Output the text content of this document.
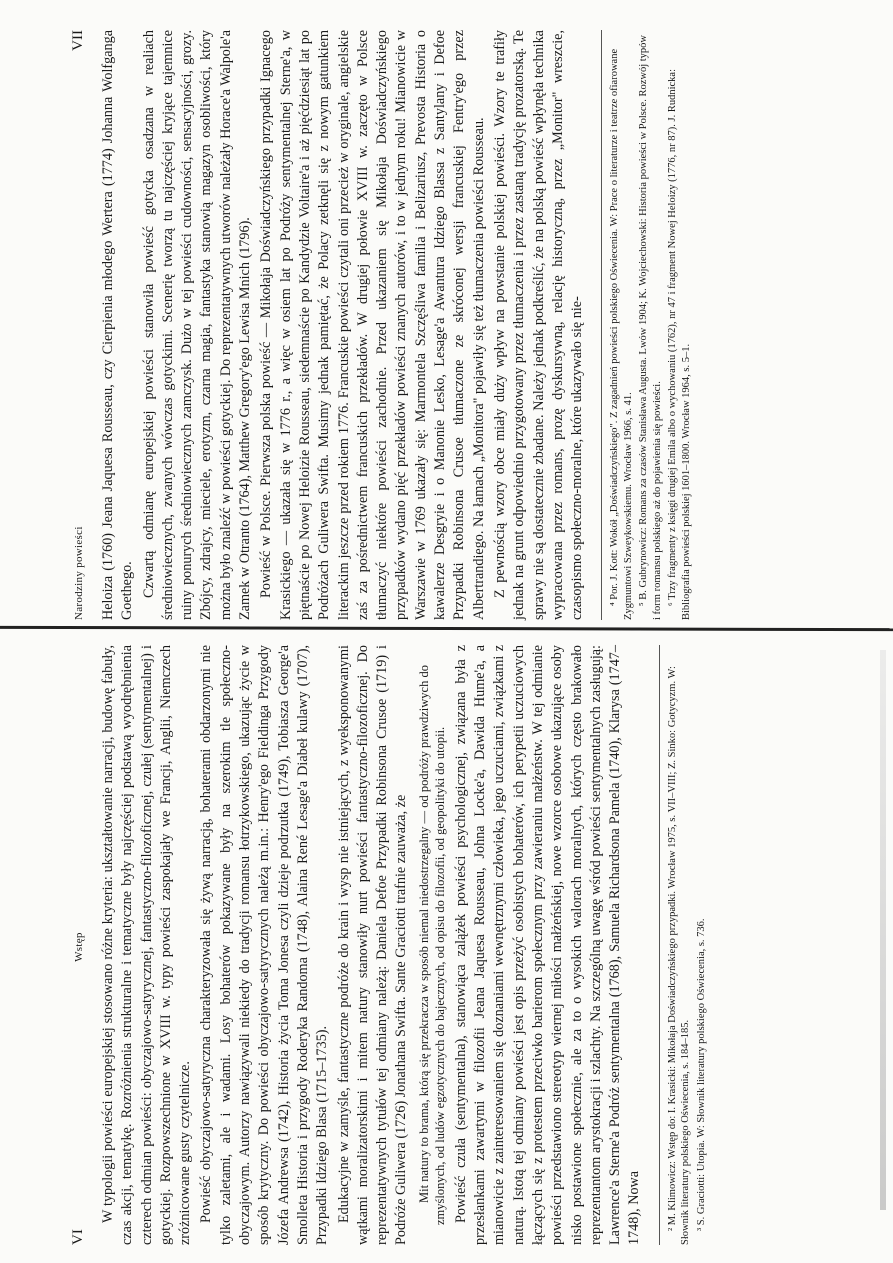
Narodziny powieści
VII Heloiza (1760) Jeana Jaquesa Rousseau, czy Cierpienia młodego Wertera (1774) Johanna Wolfganga Goethego. Czwartą odmianę europejskiej powieści stanowiła powieść gotycka osadzana w realiach średniowiecznych, zwanych wówczas gotyckimi. Scenerię tworzą tu najczęściej kryjące tajemnice ruiny ponurych średniowiecznych zamczysk. Dużo w tej powieści cudowności, sensacyjności, grozy. Zbójcy, zdrajcy, mieciele, erotyzm, czarna magia, fantastyka stanowią magazyn osobliwości, który można było znaleźć w powieści gotyckiej. Do reprezentatywnych utworów należały Horace'a Walpole'a Zamek w Otranto (1764), Matthew Gregory'ego Lewisa Mnich (1796). Powieść w Polsce. Pierwsza polska powieść — Mikołaja Doświadczyńskiego przypadki Ignacego Krasickiego — ukazała się w 1776 r., a więc w osiem lat po Podróży sentymentalnej Sterne'a, w piętnaście po Nowej Heloizie Rousseau, siedemnaście po Kandydzie Voltaire'a i aż pięćdziesiąt lat po Podróżach Guliwera Swifta. Musimy jednak pamiętać, że Polacy zetknęli się z nowym gatunkiem literackim jeszcze przed rokiem 1776. Francuskie powieści czytali oni przecież w oryginale, angielskie zaś za pośrednictwem francuskich przekładów. W drugiej połowie XVIII w. zaczęto w Polsce tłumaczyć niektóre powieści zachodnie. Przed ukazaniem się Mikołaja Doświadczyńskiego przypadków wydano pięć przekładów powieści znanych autorów, i to w jednym roku! Mianowicie w Warszawie w 1769 ukazały się: Marmontela Szczęśliwa familia i Belizariusz, Prevosta Historia o kawalerze Desgryie i o Manonie Lesko, Lesage'a Awantura Idziego Blassa z Santylany i Defoe Przypadki Robinsona Crusoe tłumaczone ze skróconej wersji francuskiej Fentry'ego przez Albertrandiego. Na łamach „Monitora" pojawiły się też tłumaczenia powieści Rousseau. Z pewnością wzory obce miały duży wpływ na powstanie polskiej powieści. Wzory te trafiły jednak na grunt odpowiednio przygotowany przez tłumaczenia i przez zastaną tradycję prozatorską. Te sprawy nie są dostatecznie zbadane. Należy jednak podkreślić, że na polską powieść wpłynęła technika wypracowana przez romans, prozę dyskursywną, relację historyczną, przez „Monitor" wreszcie, czasopismo społeczno-moralne, które ukazywało się nie- ⁴ Por. J. Kott: Wokół „Doświadczyńskiego". Z zagadnień powieści polskiego Oświecenia. W: Prace o literaturze i teatrze ofiarowane Zygmuntowi Szweykowskiemu. Wrocław 1966, s. 41. ⁵ B. Gubrynowicz: Romans za czasów Stanisława Augusta. Lwów 1904; K. Wojciechowski: Historia powieści w Polsce. Rozwój typów i form romansu polskiego aż do pojawienia się powieści. ⁶ Trzy fragmenty z księgi drugiej Emila albo o wychowaniu (1762), nr 47 i fragment Nowej Heloizy (1776, nr 87). J. Rudnicka: Bibliografia powieści polskiej 1601–1800. Wrocław 1964, s. 5–1.

VI
Wstęp W typologii powieści europejskiej stosowano różne kryteria: ukształtowanie narracji, budowę fabuły, czas akcji, tematykę. Rozróżnienia strukturalne i tematyczne były najczęściej podstawą wyodrębnienia czterech odmian powieści: obyczajowo-satyrycznej, fantastyczno-filozoficznej, czułej (sentymentalnej) i gotyckiej. Rozpowszechnione w XVIII w. typy powieści zaspokajały we Francji, Anglii, Niemczech zróżnicowane gusty czytelnicze. Powieść obyczajowo-satyryczna charakteryzowała się żywą narracją, bohaterami obdarzonymi nie tylko zaletami, ale i wadami. Losy bohaterów pokazywane były na szerokim tle społeczno-obyczajowym. Autorzy nawiązywali niekiedy do tradycji romansu łotrzykowskiego, ukazując życie w sposób krytyczny. Do powieści obyczajowo-satyrycznych należą m.in.: Henry'ego Fieldinga Przygody Józefa Andrewsa (1742), Historia życia Toma Jonesa czyli dzieje podrzutka (1749), Tobiasza George'a Smolleta Historia i przygody Roderyka Randoma (1748), Alaina René Lesage'a Diabeł kulawy (1707), Przypadki Idziego Blasa (1715–1735). Edukacyjne w zamyśle, fantastyczne podróże do krain i wysp nie istniejących, z wyeksponowanymi wątkami moralizatorskimi i mitem natury stanowiły nurt powieści fantastyczno-filozoficznej. Do reprezentatywnych tytułów tej odmiany należą: Daniela Defoe Przypadki Robinsona Crusoe (1719) i Podróże Guliwera (1726) Jonathana Swifta. Sante Graciotti trafnie zauważa, że Mit natury to brama, którą się przekracza w sposób niemal niedostrzegalny — od podróży prawdziwych do zmyślonych, od ludów egzotycznych do bajecznych, od opisu do filozofii, od geopolityki do utopii. Powieść czuła (sentymentalna), stanowiąca zalążek powieści psychologicznej, związana była z przesłankami zawartymi w filozofii Jeana Jaquesa Rousseau, Johna Locke'a, Dawida Hume'a, a mianowicie z zainteresowaniem się doznaniami wewnętrznymi człowieka, jego uczuciami, związkami z naturą. Istotą tej odmiany powieści jest opis przeżyć osobistych bohaterów, ich perypetii uczuciowych łączących się z protestem przeciwko barierom społecznym przy zawieraniu małżeństw. W tej odmianie powieści przedstawiono stereotyp wiernej miłości małżeńskiej, nowe wzorce osobowe ukazujące osoby nisko postawione społecznie, ale za to o wysokich walorach moralnych, których często brakowało reprezentantom arystokracji i szlachty. Na szczególną uwagę wśród powieści sentymentalnych zasługują: Lawrence'a Sterne'a Podróż sentymentalna (1768), Samuela Richardsona Pamela (1740), Klarysa (1747–1748), Nowa ² M. Klimowicz: Wstęp do: I. Krasicki: Mikołaja Doświadczyńskiego przypadki. Wrocław 1975, s. VII–VIII; Z. Sinko: Gotycyzm. W: Słownik literatury polskiego Oświecenia, s. 184–185. ³ S. Graciotti: Utopia. W: Słownik literatury polskiego Oświecenia, s. 736.
